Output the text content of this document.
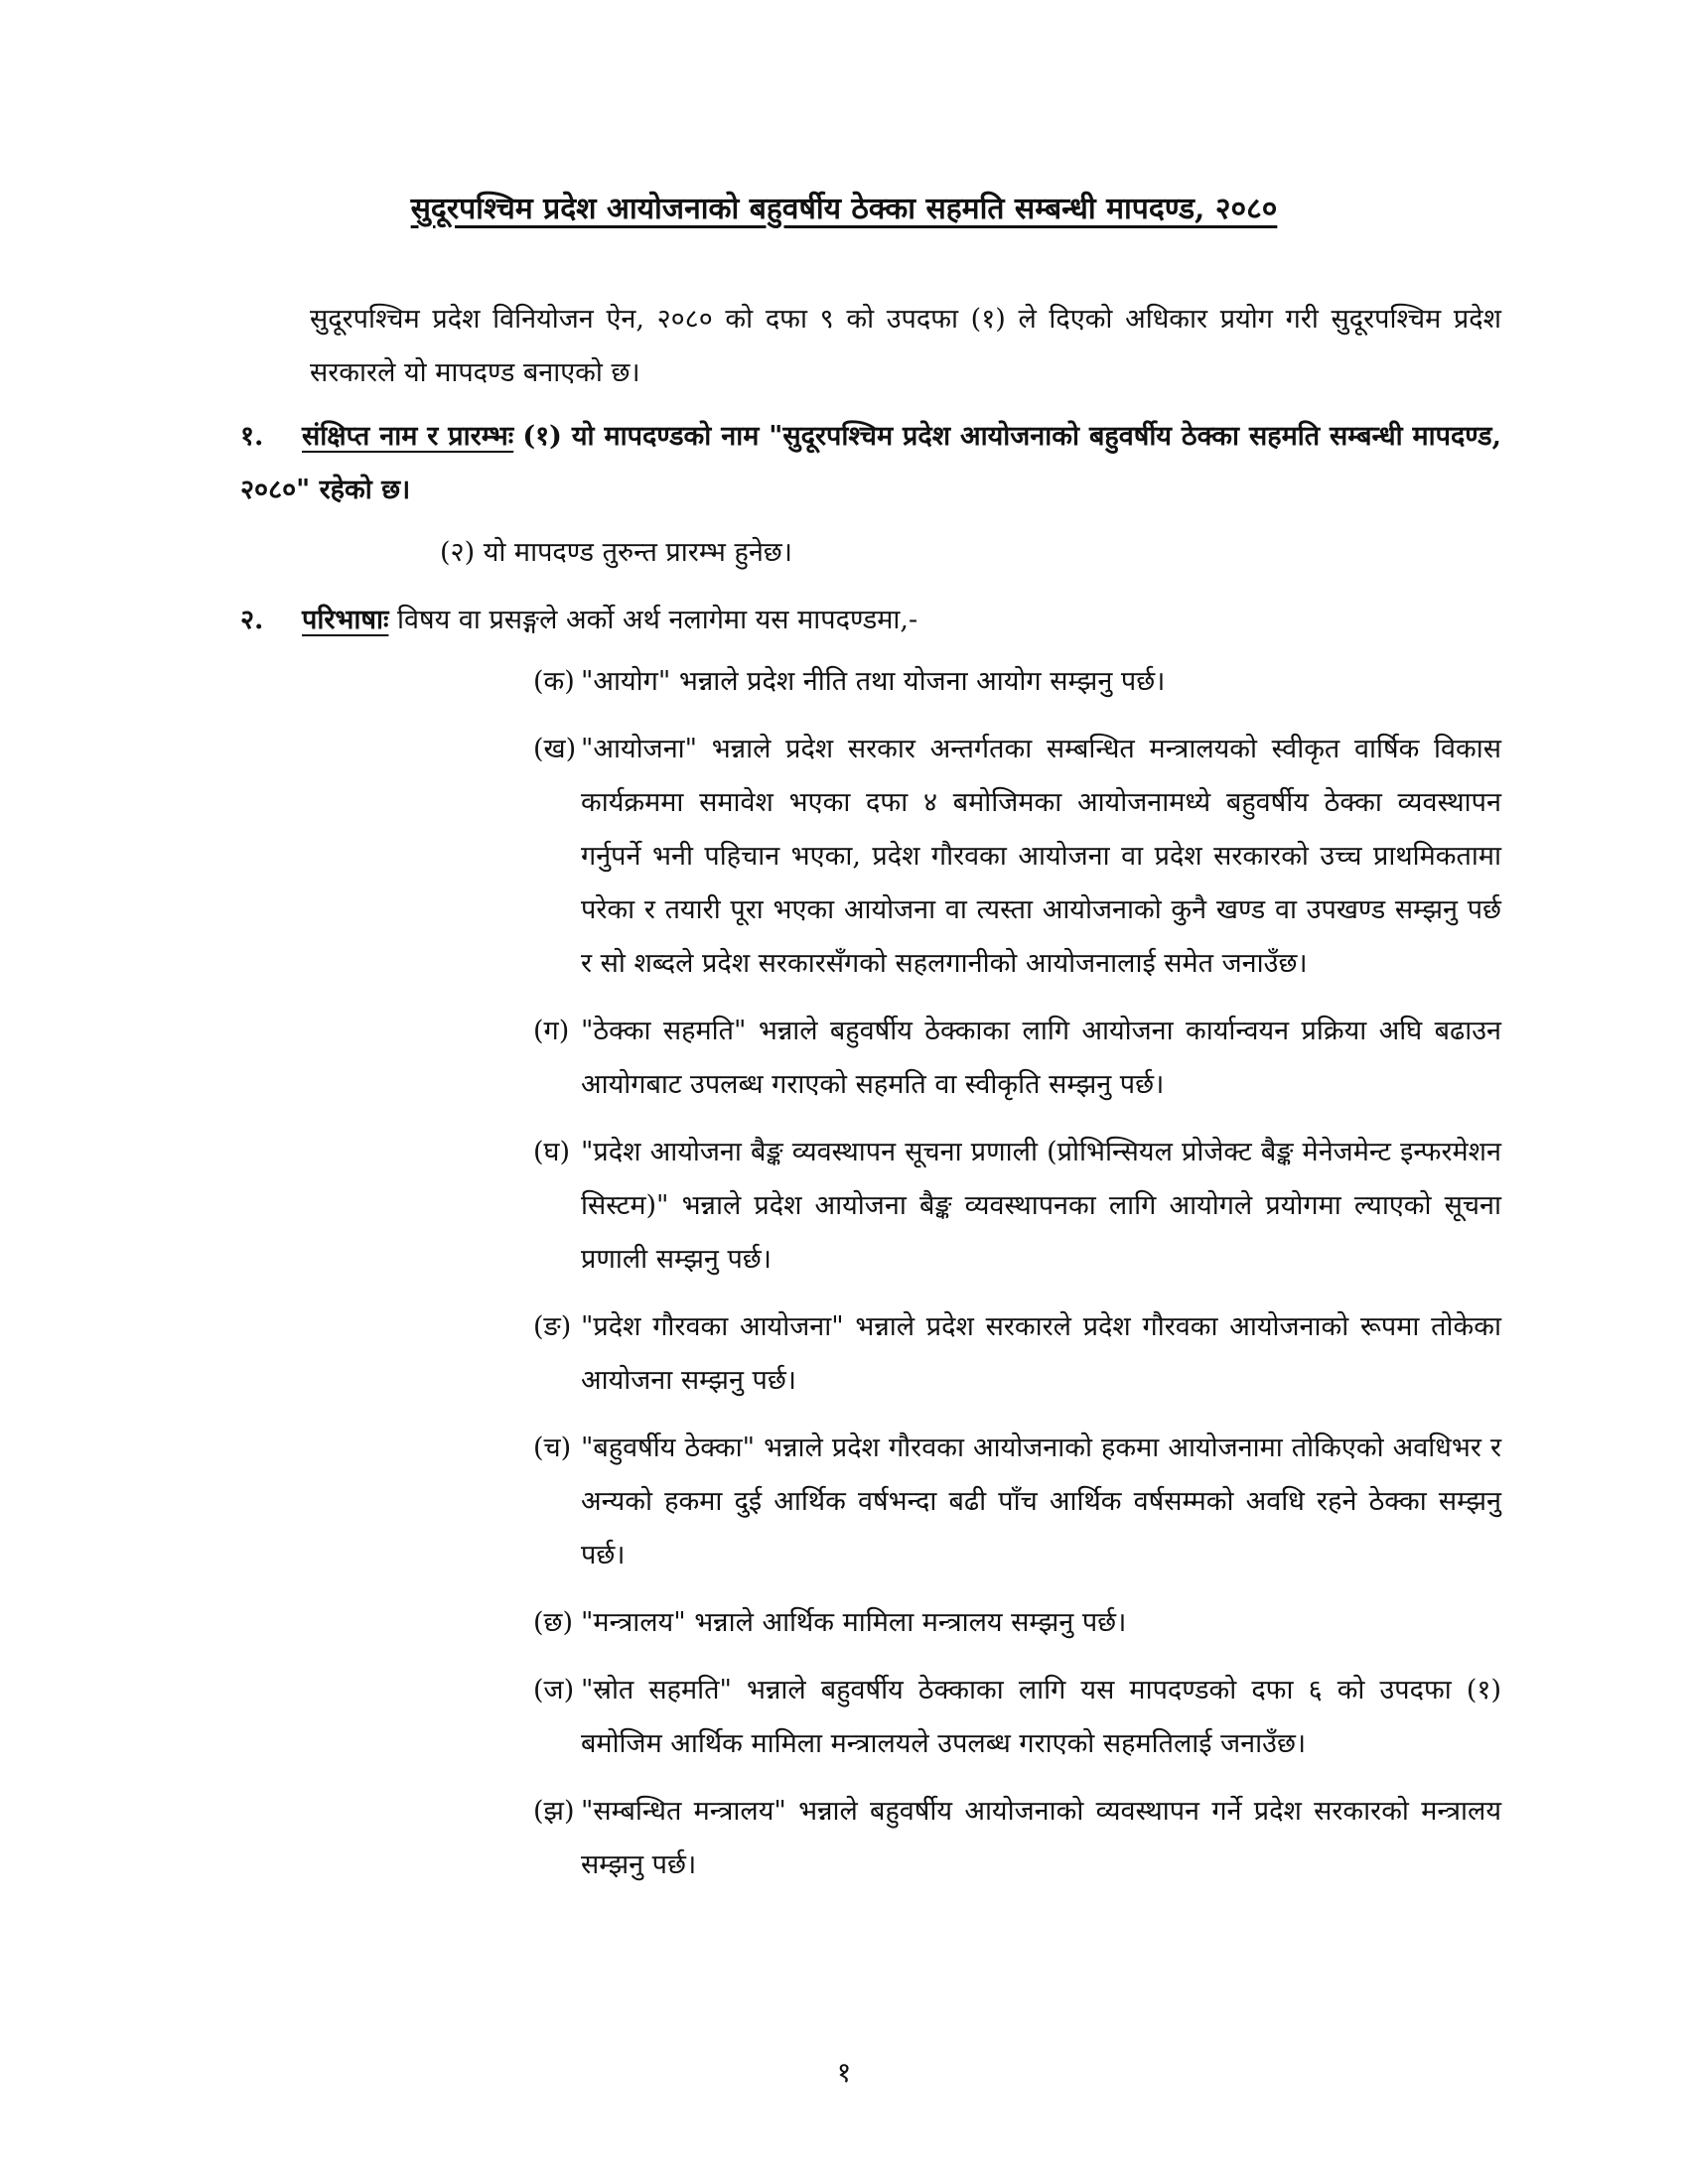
सुदूरपश्चिम प्रदेश आयोजनाको बहुवर्षीय ठेक्का सहमति सम्बन्धी मापदण्ड, २०८०
सुदूरपश्चिम प्रदेश विनियोजन ऐन, २०८० को दफा ९ को उपदफा (१) ले दिएको अधिकार प्रयोग गरी सुदूरपश्चिम प्रदेश सरकारले यो मापदण्ड बनाएको छ।
१. संक्षिप्त नाम र प्रारम्भः (१) यो मापदण्डको नाम "सुदूरपश्चिम प्रदेश आयोजनाको बहुवर्षीय ठेक्का सहमति सम्बन्धी मापदण्ड, २०८०" रहेको छ।
(२) यो मापदण्ड तुरुन्त प्रारम्भ हुनेछ।
२. परिभाषाः विषय वा प्रसङ्गले अर्को अर्थ नलागेमा यस मापदण्डमा,-
(क) "आयोग" भन्नाले प्रदेश नीति तथा योजना आयोग सम्झनु पर्छ।
(ख) "आयोजना" भन्नाले प्रदेश सरकार अन्तर्गतका सम्बन्धित मन्त्रालयको स्वीकृत वार्षिक विकास कार्यक्रममा समावेश भएका दफा ४ बमोजिमका आयोजनामध्ये बहुवर्षीय ठेक्का व्यवस्थापन गर्नुपर्ने भनी पहिचान भएका, प्रदेश गौरवका आयोजना वा प्रदेश सरकारको उच्च प्राथमिकतामा परेका र तयारी पूरा भएका आयोजना वा त्यस्ता आयोजनाको कुनै खण्ड वा उपखण्ड सम्झनु पर्छ र सो शब्दले प्रदेश सरकारसँगको सहलगानीको आयोजनालाई समेत जनाउँछ।
(ग) "ठेक्का सहमति" भन्नाले बहुवर्षीय ठेक्काका लागि आयोजना कार्यान्वयन प्रक्रिया अघि बढाउन आयोगबाट उपलब्ध गराएको सहमति वा स्वीकृति सम्झनु पर्छ।
(घ) "प्रदेश आयोजना बैङ्क व्यवस्थापन सूचना प्रणाली (प्रोभिन्सियल प्रोजेक्ट बैङ्क मेनेजमेन्ट इन्फरमेशन सिस्टम)" भन्नाले प्रदेश आयोजना बैङ्क व्यवस्थापनका लागि आयोगले प्रयोगमा ल्याएको सूचना प्रणाली सम्झनु पर्छ।
(ङ) "प्रदेश गौरवका आयोजना" भन्नाले प्रदेश सरकारले प्रदेश गौरवका आयोजनाको रूपमा तोकेका आयोजना सम्झनु पर्छ।
(च) "बहुवर्षीय ठेक्का" भन्नाले प्रदेश गौरवका आयोजनाको हकमा आयोजनामा तोकिएको अवधिभर र अन्यको हकमा दुई आर्थिक वर्षभन्दा बढी पाँच आर्थिक वर्षसम्मको अवधि रहने ठेक्का सम्झनु पर्छ।
(छ) "मन्त्रालय" भन्नाले आर्थिक मामिला मन्त्रालय सम्झनु पर्छ।
(ज) "स्रोत सहमति" भन्नाले बहुवर्षीय ठेक्काका लागि यस मापदण्डको दफा ६ को उपदफा (१) बमोजिम आर्थिक मामिला मन्त्रालयले उपलब्ध गराएको सहमतिलाई जनाउँछ।
(झ) "सम्बन्धित मन्त्रालय" भन्नाले बहुवर्षीय आयोजनाको व्यवस्थापन गर्ने प्रदेश सरकारको मन्त्रालय सम्झनु पर्छ।
१
